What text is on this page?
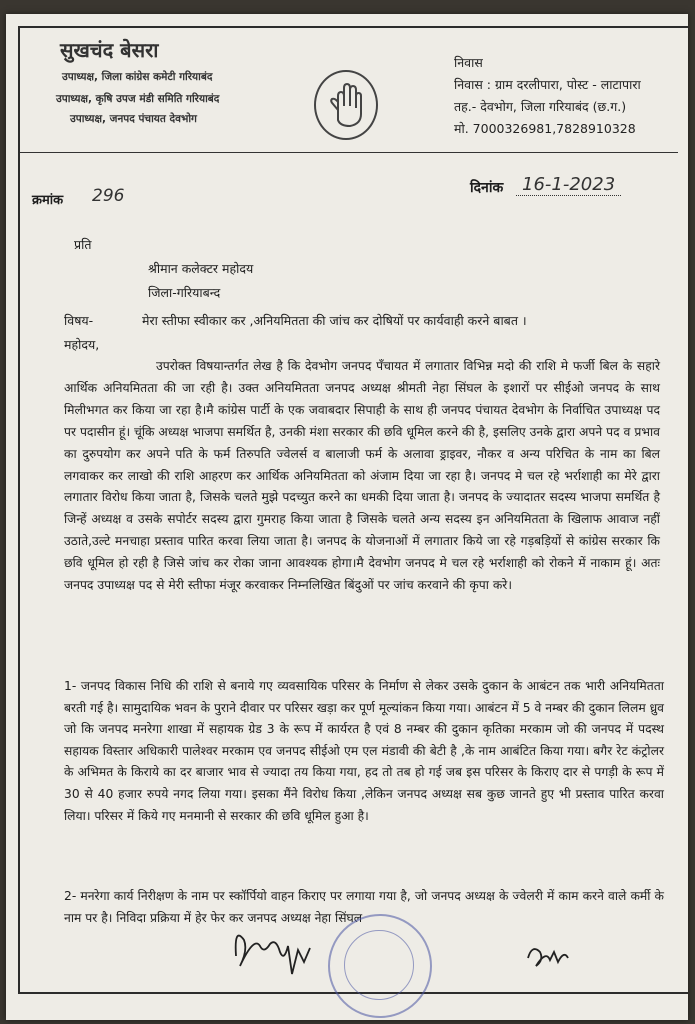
सुखचंद बेसरा
उपाध्यक्ष, जिला कांग्रेस कमेटी गरियाबंद
उपाध्यक्ष, कृषि उपज मंडी समिति गरियाबंद
उपाध्यक्ष, जनपद पंचायत देवभोग
निवास
निवास : ग्राम दरलीपारा, पोस्ट - लाटापारा
तह.- देवभोग, जिला गरियाबंद (छ.ग.)
मो. 7000326981,7828910328
क्रमांक 296	दिनांक	16-1-2023
प्रति
श्रीमान कलेक्टर महोदय
जिला-गरियाबन्द
विषय-	मेरा स्तीफा स्वीकार कर ,अनियमितता की जांच कर दोषियों पर कार्यवाही करने बाबत ।
महोदय,

उपरोक्त विषयान्तर्गत लेख है कि देवभोग जनपद पँचायत में लगातार विभिन्न मदो की राशि मे फर्जी बिल के सहारे आर्थिक अनियमितता की जा रही है। उक्त अनियमितता जनपद अध्यक्ष श्रीमती नेहा सिंघल के इशारों पर सीईओ जनपद के साथ मिलीभगत कर किया जा रहा है।मै कांग्रेस पार्टी के एक जवाबदार सिपाही के साथ ही जनपद पंचायत देवभोग के निर्वाचित उपाध्यक्ष पद पर पदासीन हूं। चूंकि अध्यक्ष भाजपा समर्थित है, उनकी मंशा सरकार की छवि धूमिल करने की है, इसलिए उनके द्वारा अपने पद व प्रभाव का दुरुपयोग कर अपने पति के फर्म तिरुपति ज्वेलर्स व बालाजी फर्म के अलावा ड्राइवर, नौकर व अन्य परिचित के नाम का बिल लगवाकर कर लाखो की राशि आहरण कर आर्थिक अनियमितता को अंजाम दिया जा रहा है। जनपद मे चल रहे भर्राशाही का मेरे द्वारा लगातार विरोध किया जाता है, जिसके चलते मुझे पदच्युत करने का धमकी दिया जाता है। जनपद के ज्यादातर सदस्य भाजपा समर्थित है जिन्हें अध्यक्ष व उसके सपोर्टर सदस्य द्वारा गुमराह किया जाता है जिसके चलते अन्य सदस्य इन अनियमितता के खिलाफ आवाज नहीं उठाते,उल्टे मनचाहा प्रस्ताव पारित करवा लिया जाता है। जनपद के योजनाओं में लगातार किये जा रहे गड़बड़ियों से कांग्रेस सरकार कि छवि धूमिल हो रही है जिसे जांच कर रोका जाना आवश्यक होगा।मै देवभोग जनपद मे चल रहे भर्राशाही को रोकने में नाकाम हूं। अतः जनपद उपाध्यक्ष पद से मेरी स्तीफा मंजूर करवाकर निम्नलिखित बिंदुओं पर जांच करवाने की कृपा करे।

1- जनपद विकास निधि की राशि से बनाये गए व्यवसायिक परिसर के निर्माण से लेकर उसके दुकान के आबंटन तक भारी अनियमितता बरती गई है। सामुदायिक भवन के पुराने दीवार पर परिसर खड़ा कर पूर्ण मूल्यांकन किया गया। आबंटन में 5 वे नम्बर की दुकान लिलम ध्रुव जो कि जनपद मनरेगा शाखा में सहायक ग्रेड 3 के रूप में कार्यरत है एवं 8 नम्बर की दुकान कृतिका मरकाम जो की जनपद में पदस्थ सहायक विस्तार अधिकारी पालेश्वर मरकाम एव जनपद सीईओ एम एल मंडावी की बेटी है ,के नाम आबंटित किया गया। बगैर रेट कंट्रोलर के अभिमत के किराये का दर बाजार भाव से ज्यादा तय किया गया, हद तो तब हो गई जब इस परिसर के किराए दार से पगड़ी के रूप में 30 से 40 हजार रुपये नगद लिया गया। इसका मैंने विरोध किया ,लेकिन जनपद अध्यक्ष सब कुछ जानते हुए भी प्रस्ताव पारित करवा लिया। परिसर में किये गए मनमानी से सरकार की छवि धूमिल हुआ है।
2- मनरेगा कार्य निरीक्षण के नाम पर स्कॉर्पियो वाहन किराए पर लगाया गया है, जो जनपद अध्यक्ष के ज्वेलरी में काम करने वाले कर्मी के नाम पर है। निविदा प्रक्रिया में हेर फेर कर जनपद अध्यक्ष नेहा सिंघल
